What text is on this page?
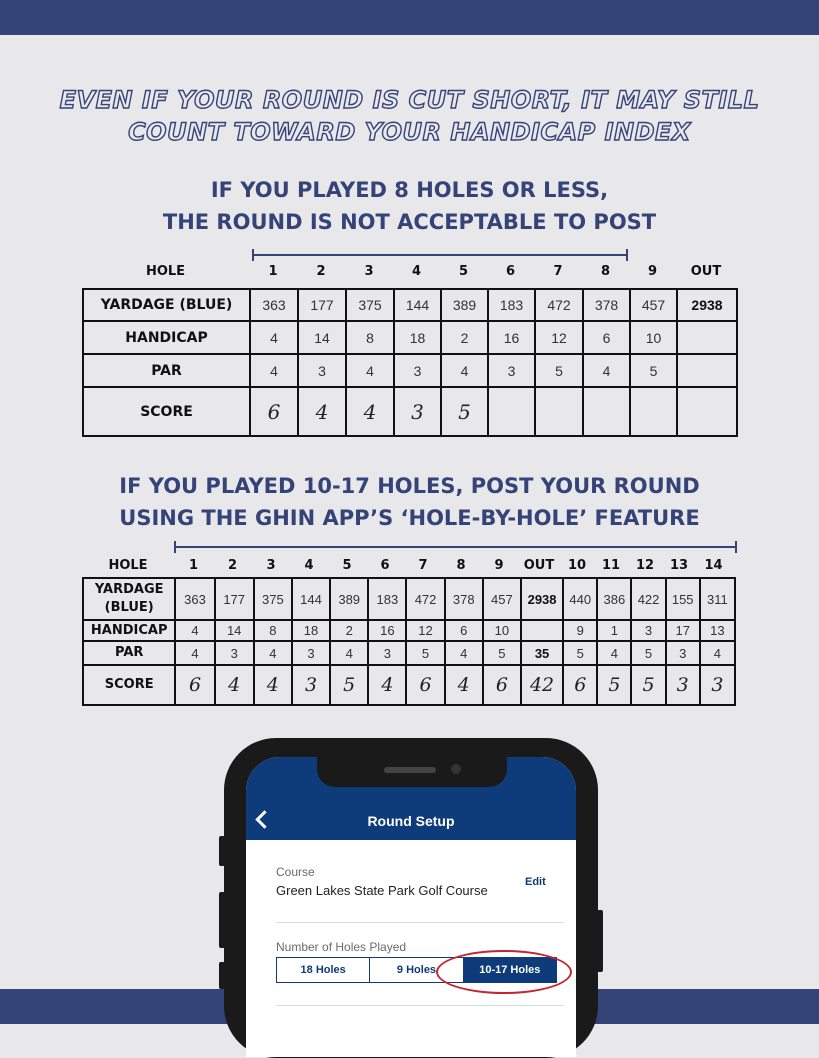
EVEN IF YOUR ROUND IS CUT SHORT, IT MAY STILL
COUNT TOWARD YOUR HANDICAP INDEX
IF YOU PLAYED 8 HOLES OR LESS,
THE ROUND IS NOT ACCEPTABLE TO POST
HOLE	1	2	3	4	5	6	7	8	9	OUT
YARDAGE (BLUE)	363	177	375	144	389	183	472	378	457	2938
HANDICAP	4	14	8	18	2	16	12	6	10	
PAR	4	3	4	3	4	3	5	4	5	
SCORE	6	4	4	3	5					
IF YOU PLAYED 10-17 HOLES, POST YOUR ROUND
USING THE GHIN APP’S ‘HOLE-BY-HOLE’ FEATURE
HOLE	1	2	3	4	5	6	7	8	9	OUT	10	11	12	13	14
YARDAGE (BLUE)	363	177	375	144	389	183	472	378	457	2938	440	386	422	155	311
HANDICAP	4	14	8	18	2	16	12	6	10		9	1	3	17	13
PAR	4	3	4	3	4	3	5	4	5	35	5	4	5	3	4
SCORE	6	4	4	3	5	4	6	4	6	42	6	5	5	3	3
Round Setup
Course
Green Lakes State Park Golf Course
Edit
Number of Holes Played
18 Holes	9 Holes	10-17 Holes
